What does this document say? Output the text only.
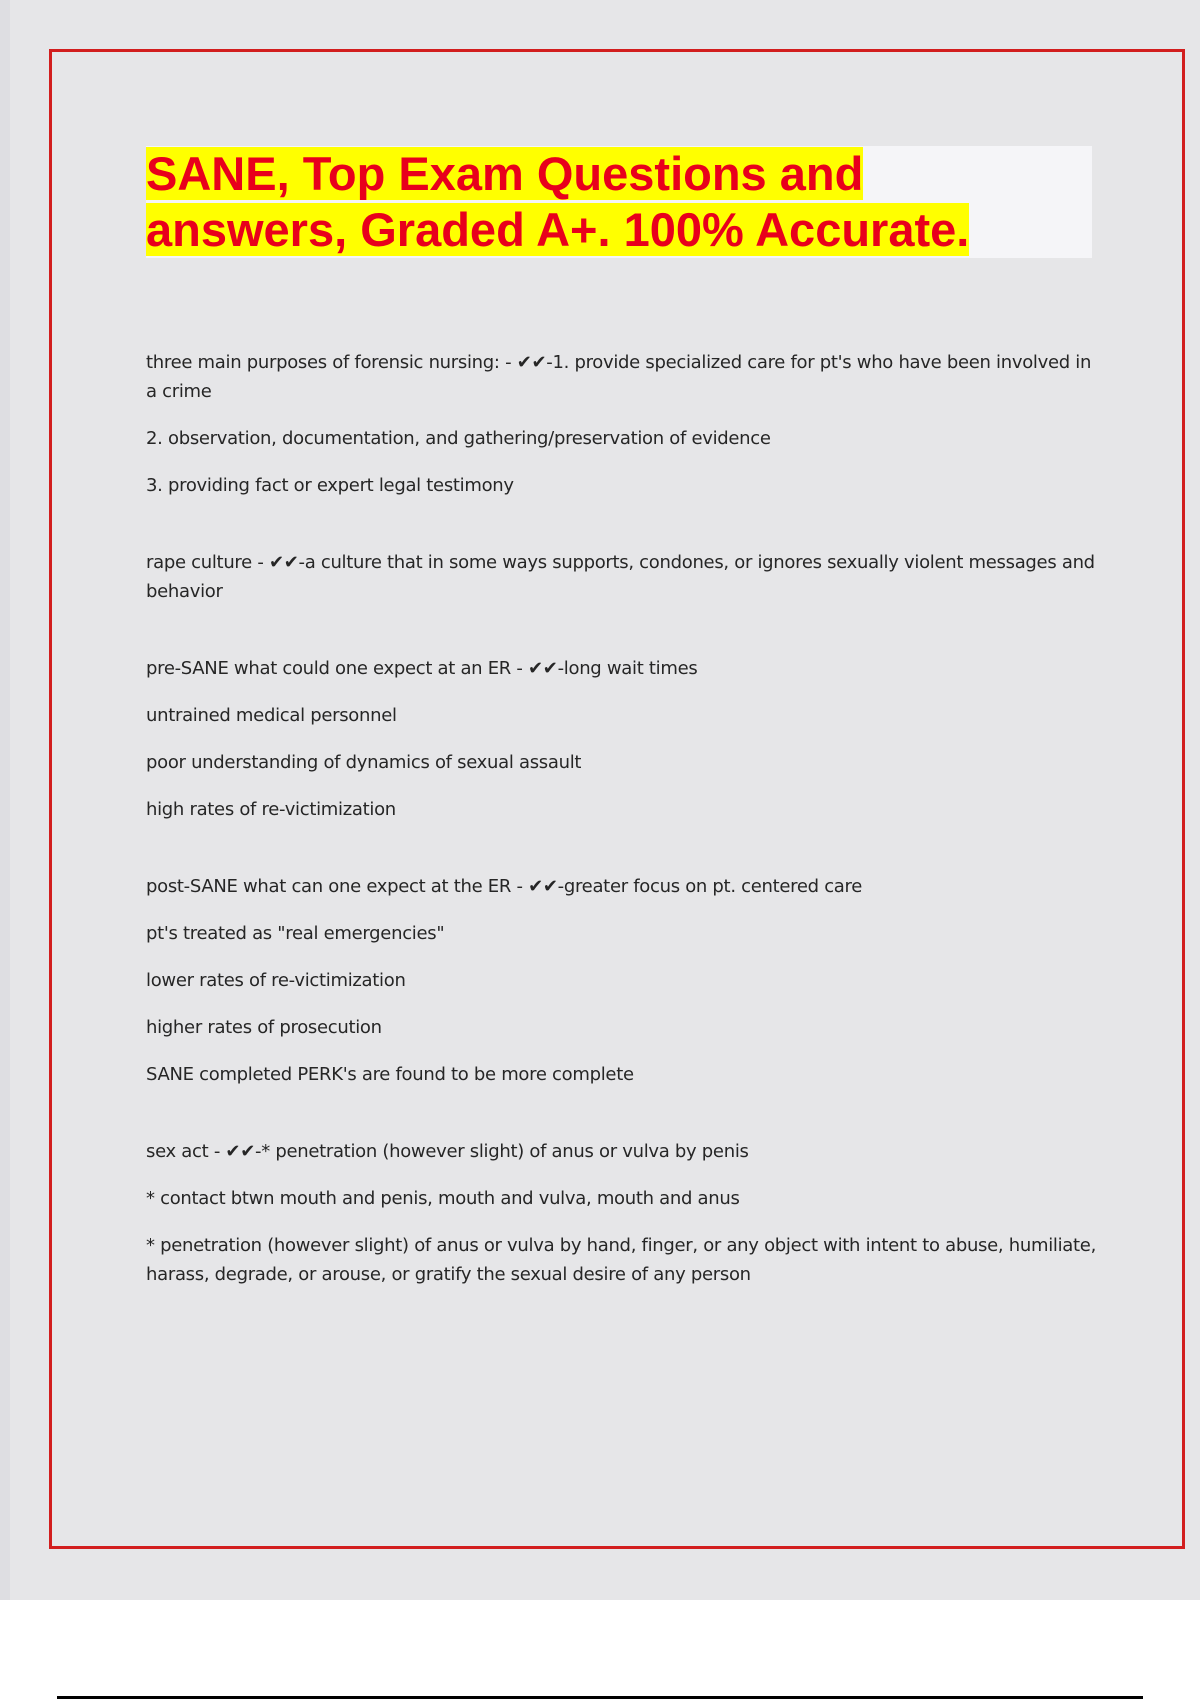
SANE, Top Exam Questions and
answers, Graded A+. 100% Accurate.

three main purposes of forensic nursing: - ✔✔-1. provide specialized care for pt's who have been involved in a crime

2. observation, documentation, and gathering/preservation of evidence

3. providing fact or expert legal testimony

rape culture - ✔✔-a culture that in some ways supports, condones, or ignores sexually violent messages and behavior

pre-SANE what could one expect at an ER - ✔✔-long wait times

untrained medical personnel

poor understanding of dynamics of sexual assault

high rates of re-victimization

post-SANE what can one expect at the ER - ✔✔-greater focus on pt. centered care

pt's treated as "real emergencies"

lower rates of re-victimization

higher rates of prosecution

SANE completed PERK's are found to be more complete

sex act - ✔✔-* penetration (however slight) of anus or vulva by penis

* contact btwn mouth and penis, mouth and vulva, mouth and anus

* penetration (however slight) of anus or vulva by hand, finger, or any object with intent to abuse, humiliate, harass, degrade, or arouse, or gratify the sexual desire of any person
